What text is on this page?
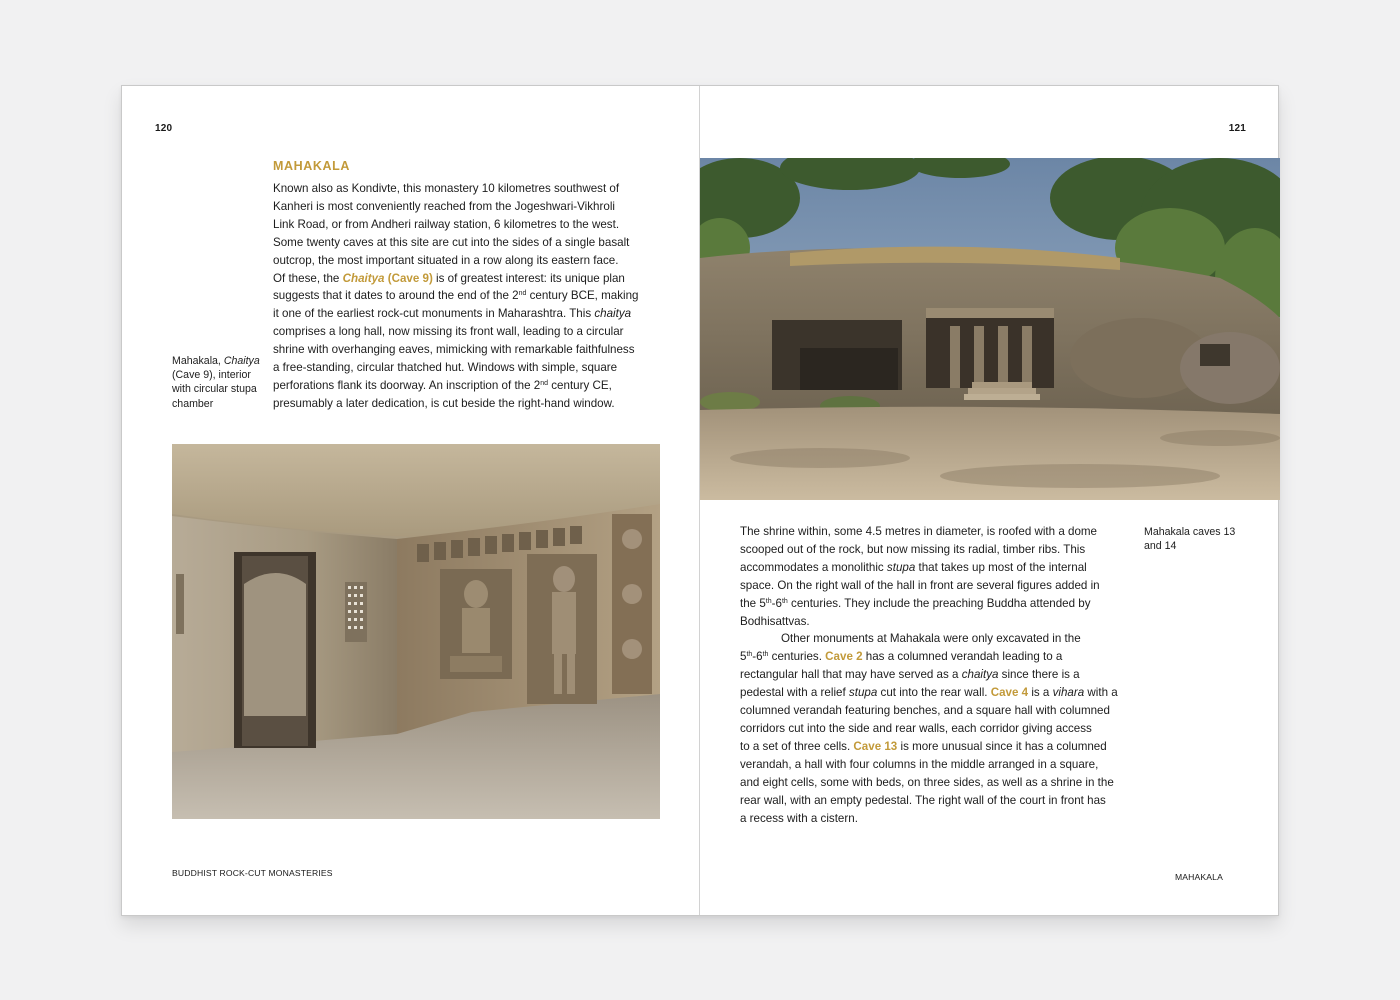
120
MAHAKALA
Mahakala, Chaitya (Cave 9), interior with circular stupa chamber
Known also as Kondivte, this monastery 10 kilometres southwest of
Kanheri is most conveniently reached from the Jogeshwari-Vikhroli
Link Road, or from Andheri railway station, 6 kilometres to the west.
Some twenty caves at this site are cut into the sides of a single basalt
outcrop, the most important situated in a row along its eastern face.
Of these, the Chaitya (Cave 9) is of greatest interest: its unique plan
suggests that it dates to around the end of the 2nd century BCE, making
it one of the earliest rock-cut monuments in Maharashtra. This chaitya
comprises a long hall, now missing its front wall, leading to a circular
shrine with overhanging eaves, mimicking with remarkable faithfulness
a free-standing, circular thatched hut. Windows with simple, square
perforations flank its doorway. An inscription of the 2nd century CE,
presumably a later dedication, is cut beside the right-hand window.
BUDDHIST ROCK-CUT MONASTERIES
121
The shrine within, some 4.5 metres in diameter, is roofed with a dome
scooped out of the rock, but now missing its radial, timber ribs. This
accommodates a monolithic stupa that takes up most of the internal
space. On the right wall of the hall in front are several figures added in
the 5th-6th centuries. They include the preaching Buddha attended by
Bodhisattvas.
Other monuments at Mahakala were only excavated in the
5th-6th centuries. Cave 2 has a columned verandah leading to a
rectangular hall that may have served as a chaitya since there is a
pedestal with a relief stupa cut into the rear wall. Cave 4 is a vihara with a
columned verandah featuring benches, and a square hall with columned
corridors cut into the side and rear walls, each corridor giving access
to a set of three cells. Cave 13 is more unusual since it has a columned
verandah, a hall with four columns in the middle arranged in a square,
and eight cells, some with beds, on three sides, as well as a shrine in the
rear wall, with an empty pedestal. The right wall of the court in front has
a recess with a cistern.
Mahakala caves 13 and 14
MAHAKALA
